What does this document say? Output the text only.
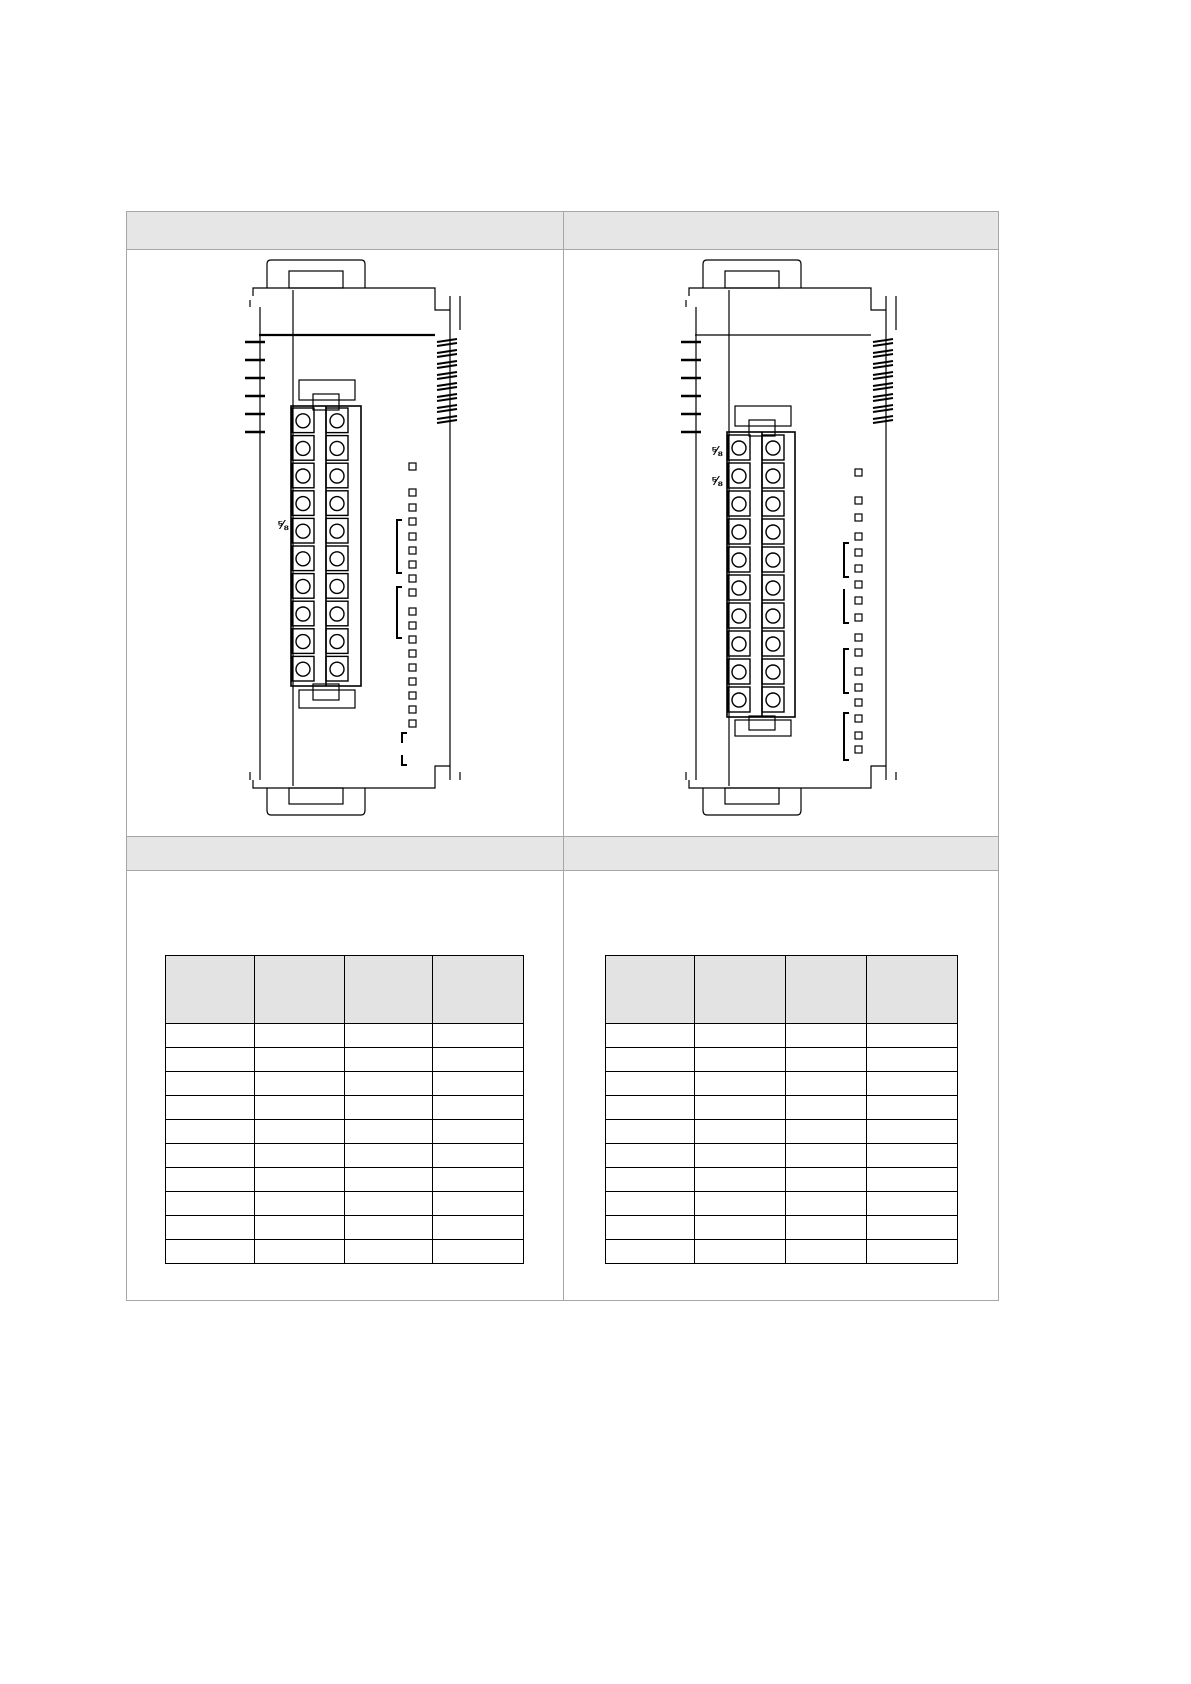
⅝
⅝
⅝
